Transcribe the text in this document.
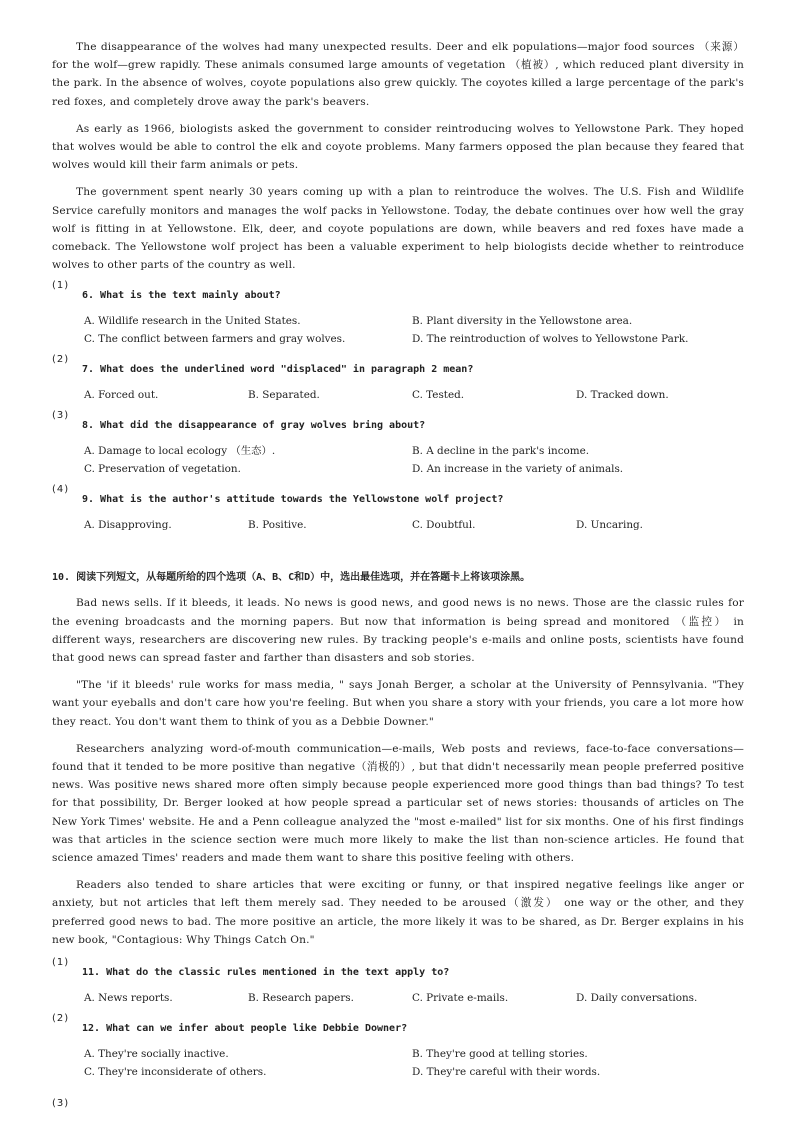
The disappearance of the wolves had many unexpected results. Deer and elk populations—major food sources （来源） for the wolf—grew rapidly. These animals consumed large amounts of vegetation （植被）, which reduced plant diversity in the park. In the absence of wolves, coyote populations also grew quickly. The coyotes killed a large percentage of the park's red foxes, and completely drove away the park's beavers.

As early as 1966, biologists asked the government to consider reintroducing wolves to Yellowstone Park. They hoped that wolves would be able to control the elk and coyote problems. Many farmers opposed the plan because they feared that wolves would kill their farm animals or pets.

The government spent nearly 30 years coming up with a plan to reintroduce the wolves. The U.S. Fish and Wildlife Service carefully monitors and manages the wolf packs in Yellowstone. Today, the debate continues over how well the gray wolf is fitting in at Yellowstone. Elk, deer, and coyote populations are down, while beavers and red foxes have made a comeback. The Yellowstone wolf project has been a valuable experiment to help biologists decide whether to reintroduce wolves to other parts of the country as well.

(1)
6. What is the text mainly about?
A. Wildlife research in the United States.	B. Plant diversity in the Yellowstone area.
C. The conflict between farmers and gray wolves.	D. The reintroduction of wolves to Yellowstone Park.
(2)
7. What does the underlined word "displaced" in paragraph 2 mean?
A. Forced out.	B. Separated.	C. Tested.	D. Tracked down.
(3)
8. What did the disappearance of gray wolves bring about?
A. Damage to local ecology （生态）.	B. A decline in the park's income.
C. Preservation of vegetation.	D. An increase in the variety of animals.
(4)
9. What is the author's attitude towards the Yellowstone wolf project?
A. Disapproving.	B. Positive.	C. Doubtful.	D. Uncaring.
10. 阅读下列短文，从每题所给的四个选项（A、B、C和D）中，选出最佳选项，并在答题卡上将该项涂黑。

Bad news sells. If it bleeds, it leads. No news is good news, and good news is no news. Those are the classic rules for the evening broadcasts and the morning papers. But now that information is being spread and monitored （监控） in different ways, researchers are discovering new rules. By tracking people's e-mails and online posts, scientists have found that good news can spread faster and farther than disasters and sob stories.

"The 'if it bleeds' rule works for mass media, " says Jonah Berger, a scholar at the University of Pennsylvania. "They want your eyeballs and don't care how you're feeling. But when you share a story with your friends, you care a lot more how they react. You don't want them to think of you as a Debbie Downer."

Researchers analyzing word-of-mouth communication—e-mails, Web posts and reviews, face-to-face conversations—found that it tended to be more positive than negative（消极的）, but that didn't necessarily mean people preferred positive news. Was positive news shared more often simply because people experienced more good things than bad things? To test for that possibility, Dr. Berger looked at how people spread a particular set of news stories: thousands of articles on The New York Times' website. He and a Penn colleague analyzed the "most e-mailed" list for six months. One of his first findings was that articles in the science section were much more likely to make the list than non-science articles. He found that science amazed Times' readers and made them want to share this positive feeling with others.

Readers also tended to share articles that were exciting or funny, or that inspired negative feelings like anger or anxiety, but not articles that left them merely sad. They needed to be aroused（激发） one way or the other, and they preferred good news to bad. The more positive an article, the more likely it was to be shared, as Dr. Berger explains in his new book, "Contagious: Why Things Catch On."

(1)
11. What do the classic rules mentioned in the text apply to?
A. News reports.	B. Research papers.	C. Private e-mails.	D. Daily conversations.
(2)
12. What can we infer about people like Debbie Downer?
A. They're socially inactive.	B. They're good at telling stories.
C. They're inconsiderate of others.	D. They're careful with their words.
(3)
